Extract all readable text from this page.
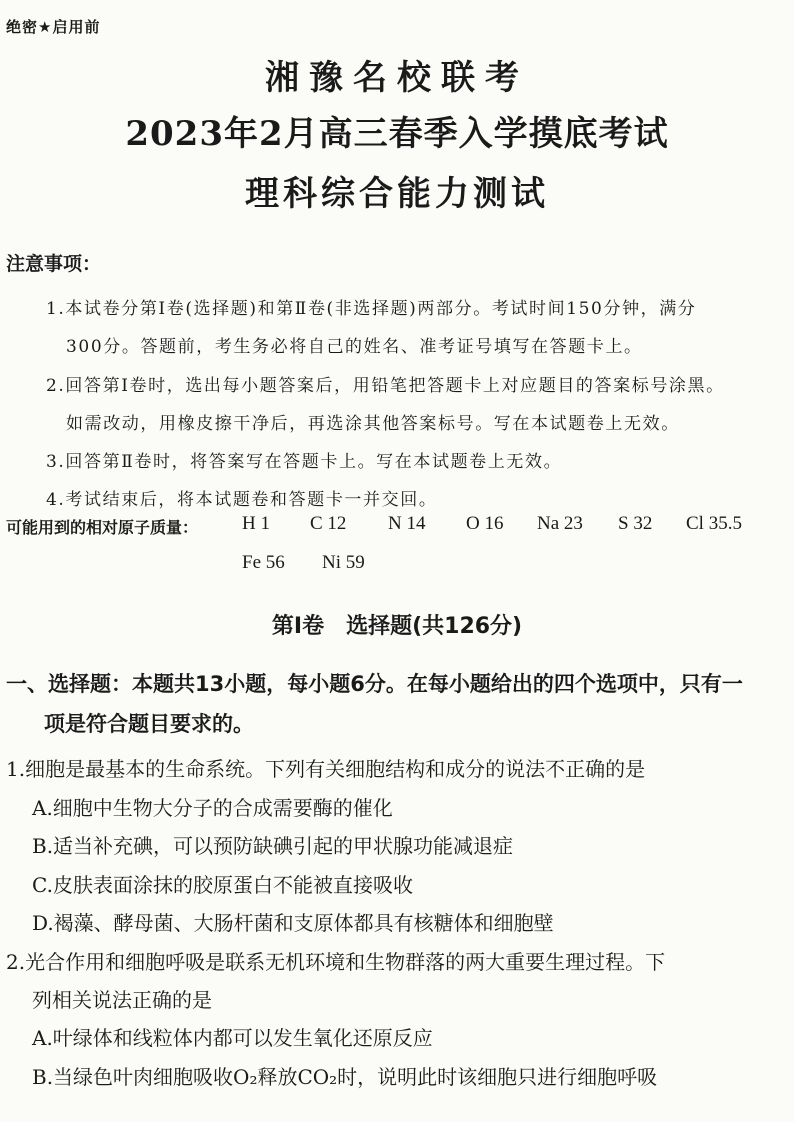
绝密★启用前
湘豫名校联考
2023年2月高三春季入学摸底考试
理科综合能力测试
注意事项：
1.本试卷分第Ⅰ卷(选择题)和第Ⅱ卷(非选择题)两部分。考试时间150分钟，满分
300分。答题前，考生务必将自己的姓名、准考证号填写在答题卡上。
2.回答第Ⅰ卷时，选出每小题答案后，用铅笔把答题卡上对应题目的答案标号涂黑。
如需改动，用橡皮擦干净后，再选涂其他答案标号。写在本试题卷上无效。
3.回答第Ⅱ卷时，将答案写在答题卡上。写在本试题卷上无效。
4.考试结束后，将本试题卷和答题卡一并交回。
可能用到的相对原子质量： H 1 C 12 N 14 O 16 Na 23 S 32 Cl 35.5
Fe 56 Ni 59
第Ⅰ卷　选择题(共126分)
一、选择题：本题共13小题，每小题6分。在每小题给出的四个选项中，只有一
项是符合题目要求的。
1.细胞是最基本的生命系统。下列有关细胞结构和成分的说法不正确的是
A.细胞中生物大分子的合成需要酶的催化
B.适当补充碘，可以预防缺碘引起的甲状腺功能减退症
C.皮肤表面涂抹的胶原蛋白不能被直接吸收
D.褐藻、酵母菌、大肠杆菌和支原体都具有核糖体和细胞壁
2.光合作用和细胞呼吸是联系无机环境和生物群落的两大重要生理过程。下
列相关说法正确的是
A.叶绿体和线粒体内都可以发生氧化还原反应
B.当绿色叶肉细胞吸收O₂释放CO₂时，说明此时该细胞只进行细胞呼吸
